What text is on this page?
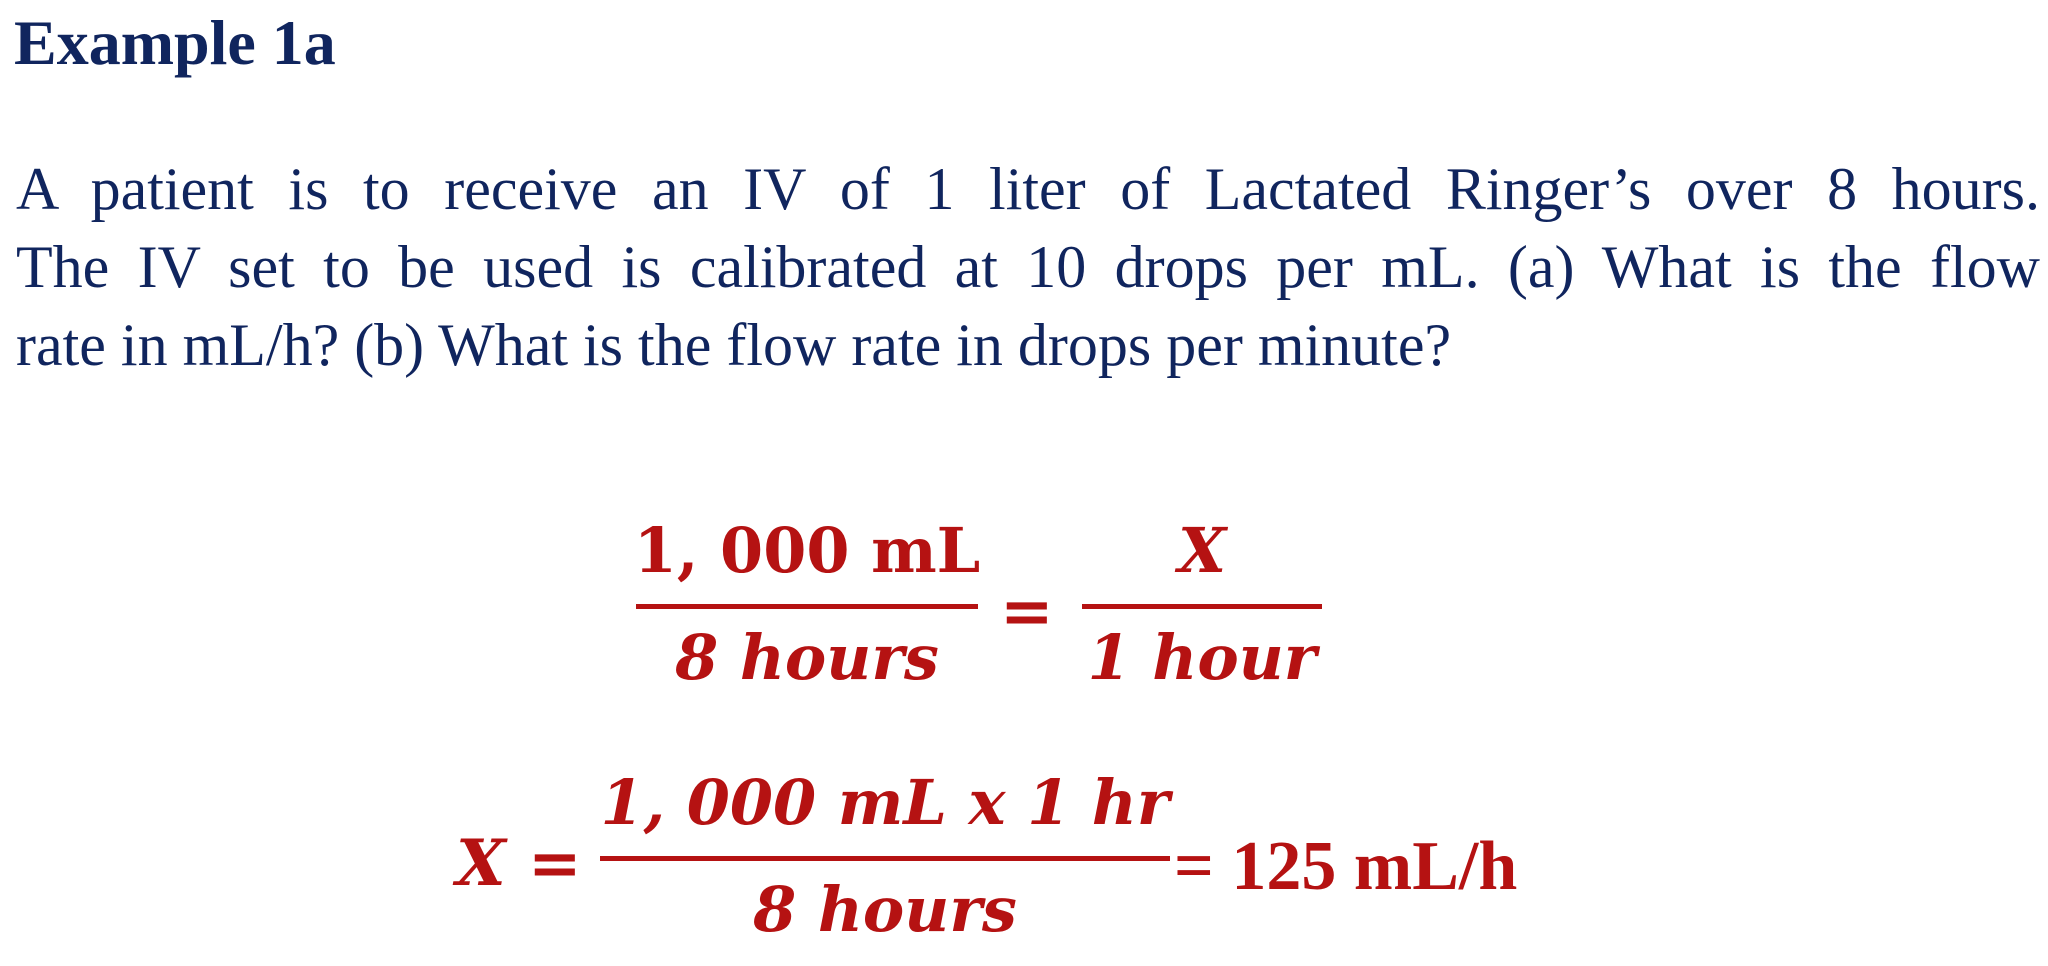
Example 1a
A patient is to receive an IV of 1 liter of Lactated Ringer’s over 8 hours.
The IV set to be used is calibrated at 10 drops per mL. (a) What is the flow
rate in mL/h? (b) What is the flow rate in drops per minute?
1, 000 mL
8 hours
=
X
1 hour
X =
1, 000 mL x 1 hr
8 hours
= 125 mL/h
